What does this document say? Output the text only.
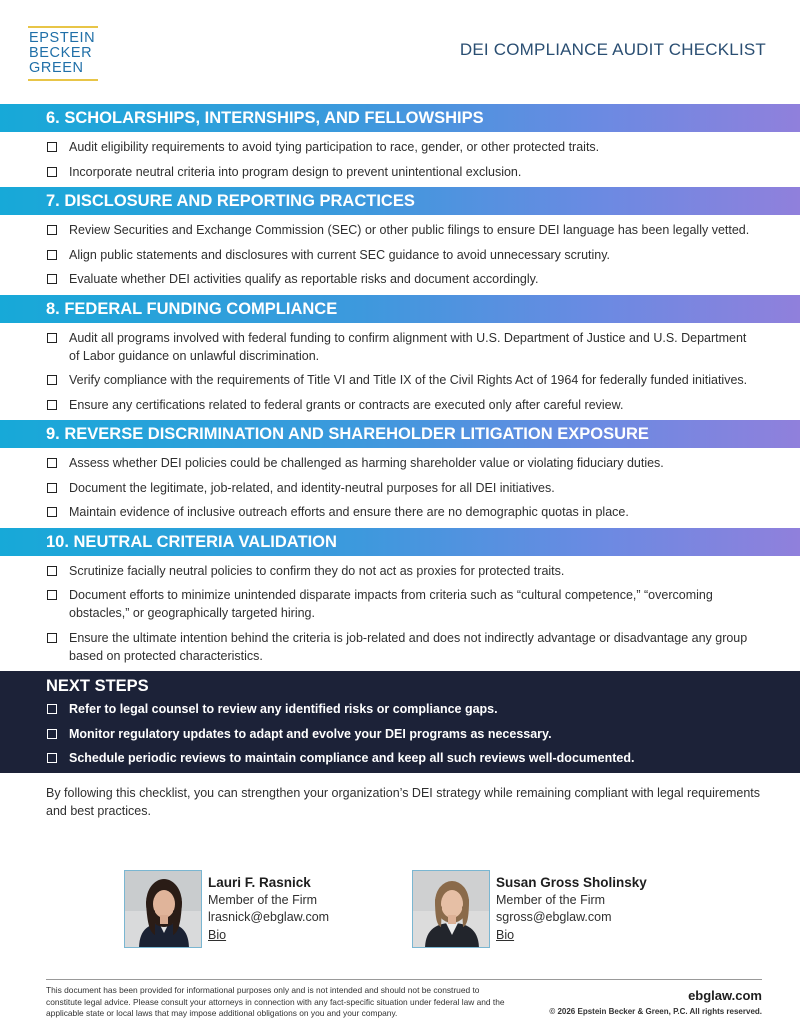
EPSTEIN
BECKER
GREEN
DEI COMPLIANCE AUDIT CHECKLIST
6. SCHOLARSHIPS, INTERNSHIPS, AND FELLOWSHIPS
Audit eligibility requirements to avoid tying participation to race, gender, or other protected traits.
Incorporate neutral criteria into program design to prevent unintentional exclusion.
7. DISCLOSURE AND REPORTING PRACTICES
Review Securities and Exchange Commission (SEC) or other public filings to ensure DEI language has been legally vetted.
Align public statements and disclosures with current SEC guidance to avoid unnecessary scrutiny.
Evaluate whether DEI activities qualify as reportable risks and document accordingly.
8. FEDERAL FUNDING COMPLIANCE
Audit all programs involved with federal funding to confirm alignment with U.S. Department of Justice and U.S. Department of Labor guidance on unlawful discrimination.
Verify compliance with the requirements of Title VI and Title IX of the Civil Rights Act of 1964 for federally funded initiatives.
Ensure any certifications related to federal grants or contracts are executed only after careful review.
9. REVERSE DISCRIMINATION AND SHAREHOLDER LITIGATION EXPOSURE
Assess whether DEI policies could be challenged as harming shareholder value or violating fiduciary duties.
Document the legitimate, job-related, and identity-neutral purposes for all DEI initiatives.
Maintain evidence of inclusive outreach efforts and ensure there are no demographic quotas in place.
10. NEUTRAL CRITERIA VALIDATION
Scrutinize facially neutral policies to confirm they do not act as proxies for protected traits.
Document efforts to minimize unintended disparate impacts from criteria such as “cultural competence,” “overcoming obstacles,” or geographically targeted hiring.
Ensure the ultimate intention behind the criteria is job-related and does not indirectly advantage or disadvantage any group based on protected characteristics.
NEXT STEPS
Refer to legal counsel to review any identified risks or compliance gaps.
Monitor regulatory updates to adapt and evolve your DEI programs as necessary.
Schedule periodic reviews to maintain compliance and keep all such reviews well-documented.
By following this checklist, you can strengthen your organization’s DEI strategy while remaining compliant with legal requirements and best practices.
Lauri F. Rasnick
Member of the Firm
lrasnick@ebglaw.com
Bio
Susan Gross Sholinsky
Member of the Firm
sgross@ebglaw.com
Bio
This document has been provided for informational purposes only and is not intended and should not be construed to constitute legal advice. Please consult your attorneys in connection with any fact-specific situation under federal law and the applicable state or local laws that may impose additional obligations on you and your company.
ebglaw.com
© 2026 Epstein Becker & Green, P.C. All rights reserved.
